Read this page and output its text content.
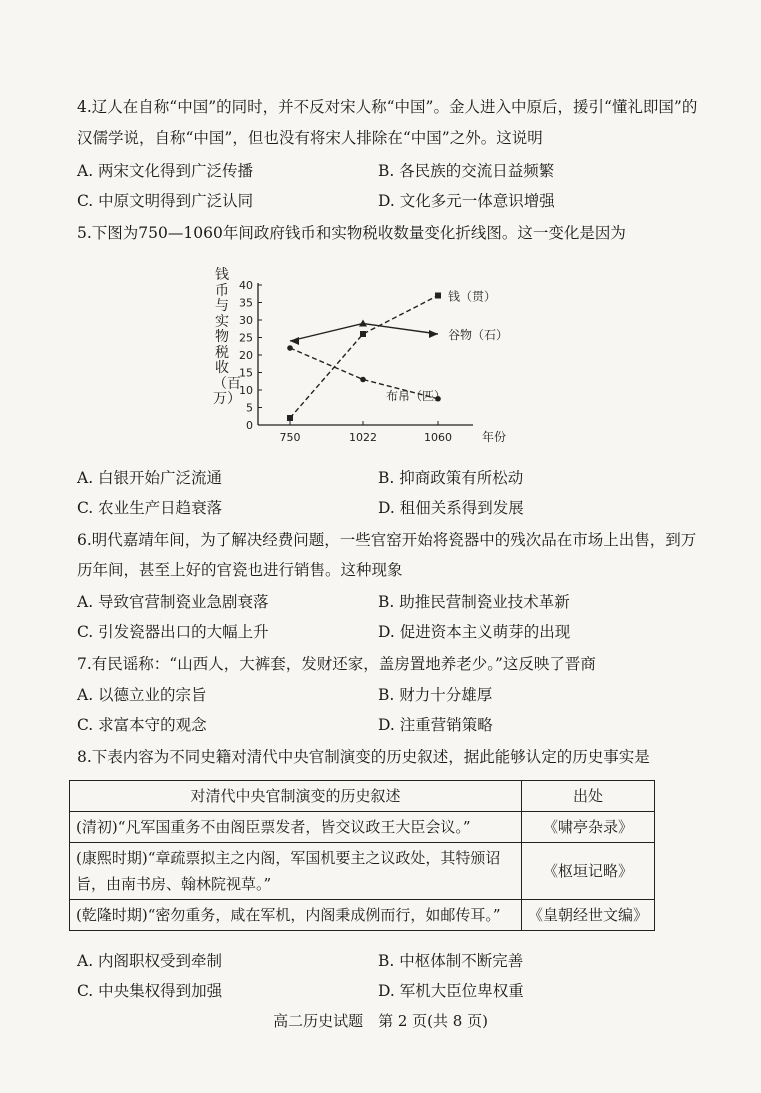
4.辽人在自称“中国”的同时，并不反对宋人称“中国”。金人进入中原后，援引“懂礼即国”的
汉儒学说，自称“中国”，但也没有将宋人排除在“中国”之外。这说明
A. 两宋文化得到广泛传播	B. 各民族的交流日益频繁
C. 中原文明得到广泛认同	D. 文化多元一体意识增强
5.下图为750—1060年间政府钱币和实物税收数量变化折线图。这一变化是因为
钱
币
与
实
物
税
收
（百
万）
0
5
10
15
20
25
30
35
40
750	1022	1060	年份
钱（贯）
谷物（石）
布帛（匹）
A. 白银开始广泛流通	B. 抑商政策有所松动
C. 农业生产日趋衰落	D. 租佃关系得到发展
6.明代嘉靖年间，为了解决经费问题，一些官窑开始将瓷器中的残次品在市场上出售，到万
历年间，甚至上好的官瓷也进行销售。这种现象
A. 导致官营制瓷业急剧衰落	B. 助推民营制瓷业技术革新
C. 引发瓷器出口的大幅上升	D. 促进资本主义萌芽的出现
7.有民谣称：“山西人，大裤套，发财还家，盖房置地养老少。”这反映了晋商
A. 以德立业的宗旨	B. 财力十分雄厚
C. 求富本守的观念	D. 注重营销策略
8.下表内容为不同史籍对清代中央官制演变的历史叙述，据此能够认定的历史事实是
对清代中央官制演变的历史叙述	出处
(清初)“凡军国重务不由阁臣票发者，皆交议政王大臣会议。”	《啸亭杂录》

(康熙时期)“章疏票拟主之内阁，军国机要主之议政处，其特颁诏
旨，由南书房、翰林院视草。”	《枢垣记略》
(乾隆时期)“密勿重务，咸在军机，内阁秉成例而行，如邮传耳。”	《皇朝经世文编》
A. 内阁职权受到牵制	B. 中枢体制不断完善
C. 中央集权得到加强	D. 军机大臣位卑权重
高二历史试题　第 2 页(共 8 页)
